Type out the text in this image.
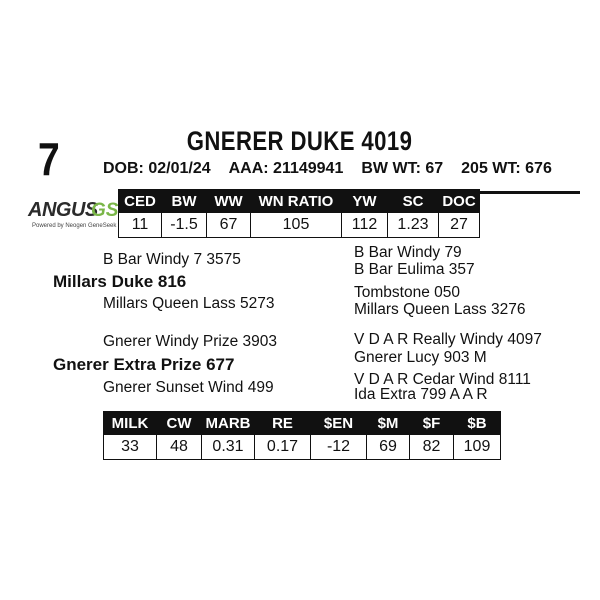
7	GNERER DUKE 4019
DOB: 02/01/24 AAA: 21149941 BW WT: 67 205 WT: 676
ANGUS
GS
Powered by Neogen GeneSeek
CED	BW	WW	WN RATIO	YW	SC	DOC
11	-1.5	67	105	112	1.23	27
B Bar Windy 7 3575
Millars Duke 816
Millars Queen Lass 5273
Gnerer Windy Prize 3903
Gnerer Extra Prize 677
Gnerer Sunset Wind 499
B Bar Windy 79
B Bar Eulima 357
Tombstone 050
Millars Queen Lass 3276
V D A R Really Windy 4097
Gnerer Lucy 903 M
V D A R Cedar Wind 8111
Ida Extra 799 A A R
MILK	CW	MARB	RE	$EN	$M	$F	$B
33	48	0.31	0.17	-12	69	82	109
